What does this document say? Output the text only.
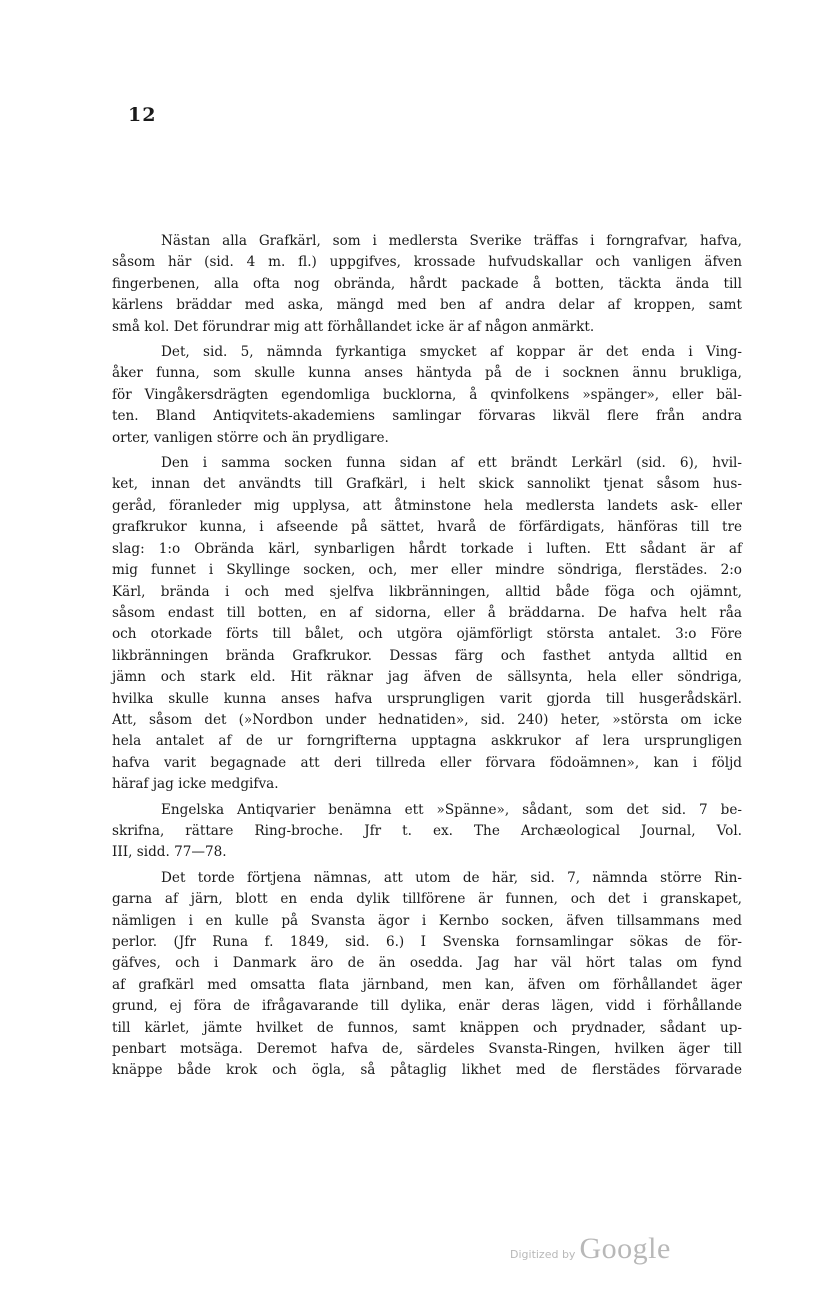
12
Nästan alla Grafkärl, som i medlersta Sverike träffas i forngrafvar, hafva,
såsom här (sid. 4 m. fl.) uppgifves, krossade hufvudskallar och vanligen äfven
fingerbenen, alla ofta nog obrända, hårdt packade å botten, täckta ända till
kärlens bräddar med aska, mängd med ben af andra delar af kroppen, samt
små kol. Det förundrar mig att förhållandet icke är af någon anmärkt.
Det, sid. 5, nämnda fyrkantiga smycket af koppar är det enda i Ving-
åker funna, som skulle kunna anses häntyda på de i socknen ännu brukliga,
för Vingåkersdrägten egendomliga bucklorna, å qvinfolkens »spänger», eller bäl-
ten. Bland Antiqvitets-akademiens samlingar förvaras likväl flere från andra
orter, vanligen större och än prydligare.
Den i samma socken funna sidan af ett brändt Lerkärl (sid. 6), hvil-
ket, innan det användts till Grafkärl, i helt skick sannolikt tjenat såsom hus-
geråd, föranleder mig upplysa, att åtminstone hela medlersta landets ask- eller
grafkrukor kunna, i afseende på sättet, hvarå de förfärdigats, hänföras till tre
slag: 1:o Obrända kärl, synbarligen hårdt torkade i luften. Ett sådant är af
mig funnet i Skyllinge socken, och, mer eller mindre söndriga, flerstädes. 2:o
Kärl, brända i och med sjelfva likbränningen, alltid både föga och ojämnt,
såsom endast till botten, en af sidorna, eller å bräddarna. De hafva helt råa
och otorkade förts till bålet, och utgöra ojämförligt största antalet. 3:o Före
likbränningen brända Grafkrukor. Dessas färg och fasthet antyda alltid en
jämn och stark eld. Hit räknar jag äfven de sällsynta, hela eller söndriga,
hvilka skulle kunna anses hafva ursprungligen varit gjorda till husgerådskärl.
Att, såsom det (»Nordbon under hednatiden», sid. 240) heter, »största om icke
hela antalet af de ur forngrifterna upptagna askkrukor af lera ursprungligen
hafva varit begagnade att deri tillreda eller förvara födoämnen», kan i följd
häraf jag icke medgifva.
Engelska Antiqvarier benämna ett »Spänne», sådant, som det sid. 7 be-
skrifna, rättare Ring-broche. Jfr t. ex. The Archæological Journal, Vol.
III, sidd. 77—78.
Det torde förtjena nämnas, att utom de här, sid. 7, nämnda större Rin-
garna af järn, blott en enda dylik tillförene är funnen, och det i granskapet,
nämligen i en kulle på Svansta ägor i Kernbo socken, äfven tillsammans med
perlor. (Jfr Runa f. 1849, sid. 6.) I Svenska fornsamlingar sökas de för-
gäfves, och i Danmark äro de än osedda. Jag har väl hört talas om fynd
af grafkärl med omsatta flata järnband, men kan, äfven om förhållandet äger
grund, ej föra de ifrågavarande till dylika, enär deras lägen, vidd i förhållande
till kärlet, jämte hvilket de funnos, samt knäppen och prydnader, sådant up-
penbart motsäga. Deremot hafva de, särdeles Svansta-Ringen, hvilken äger till
knäppe både krok och ögla, så påtaglig likhet med de flerstädes förvarade
Digitized by Google
